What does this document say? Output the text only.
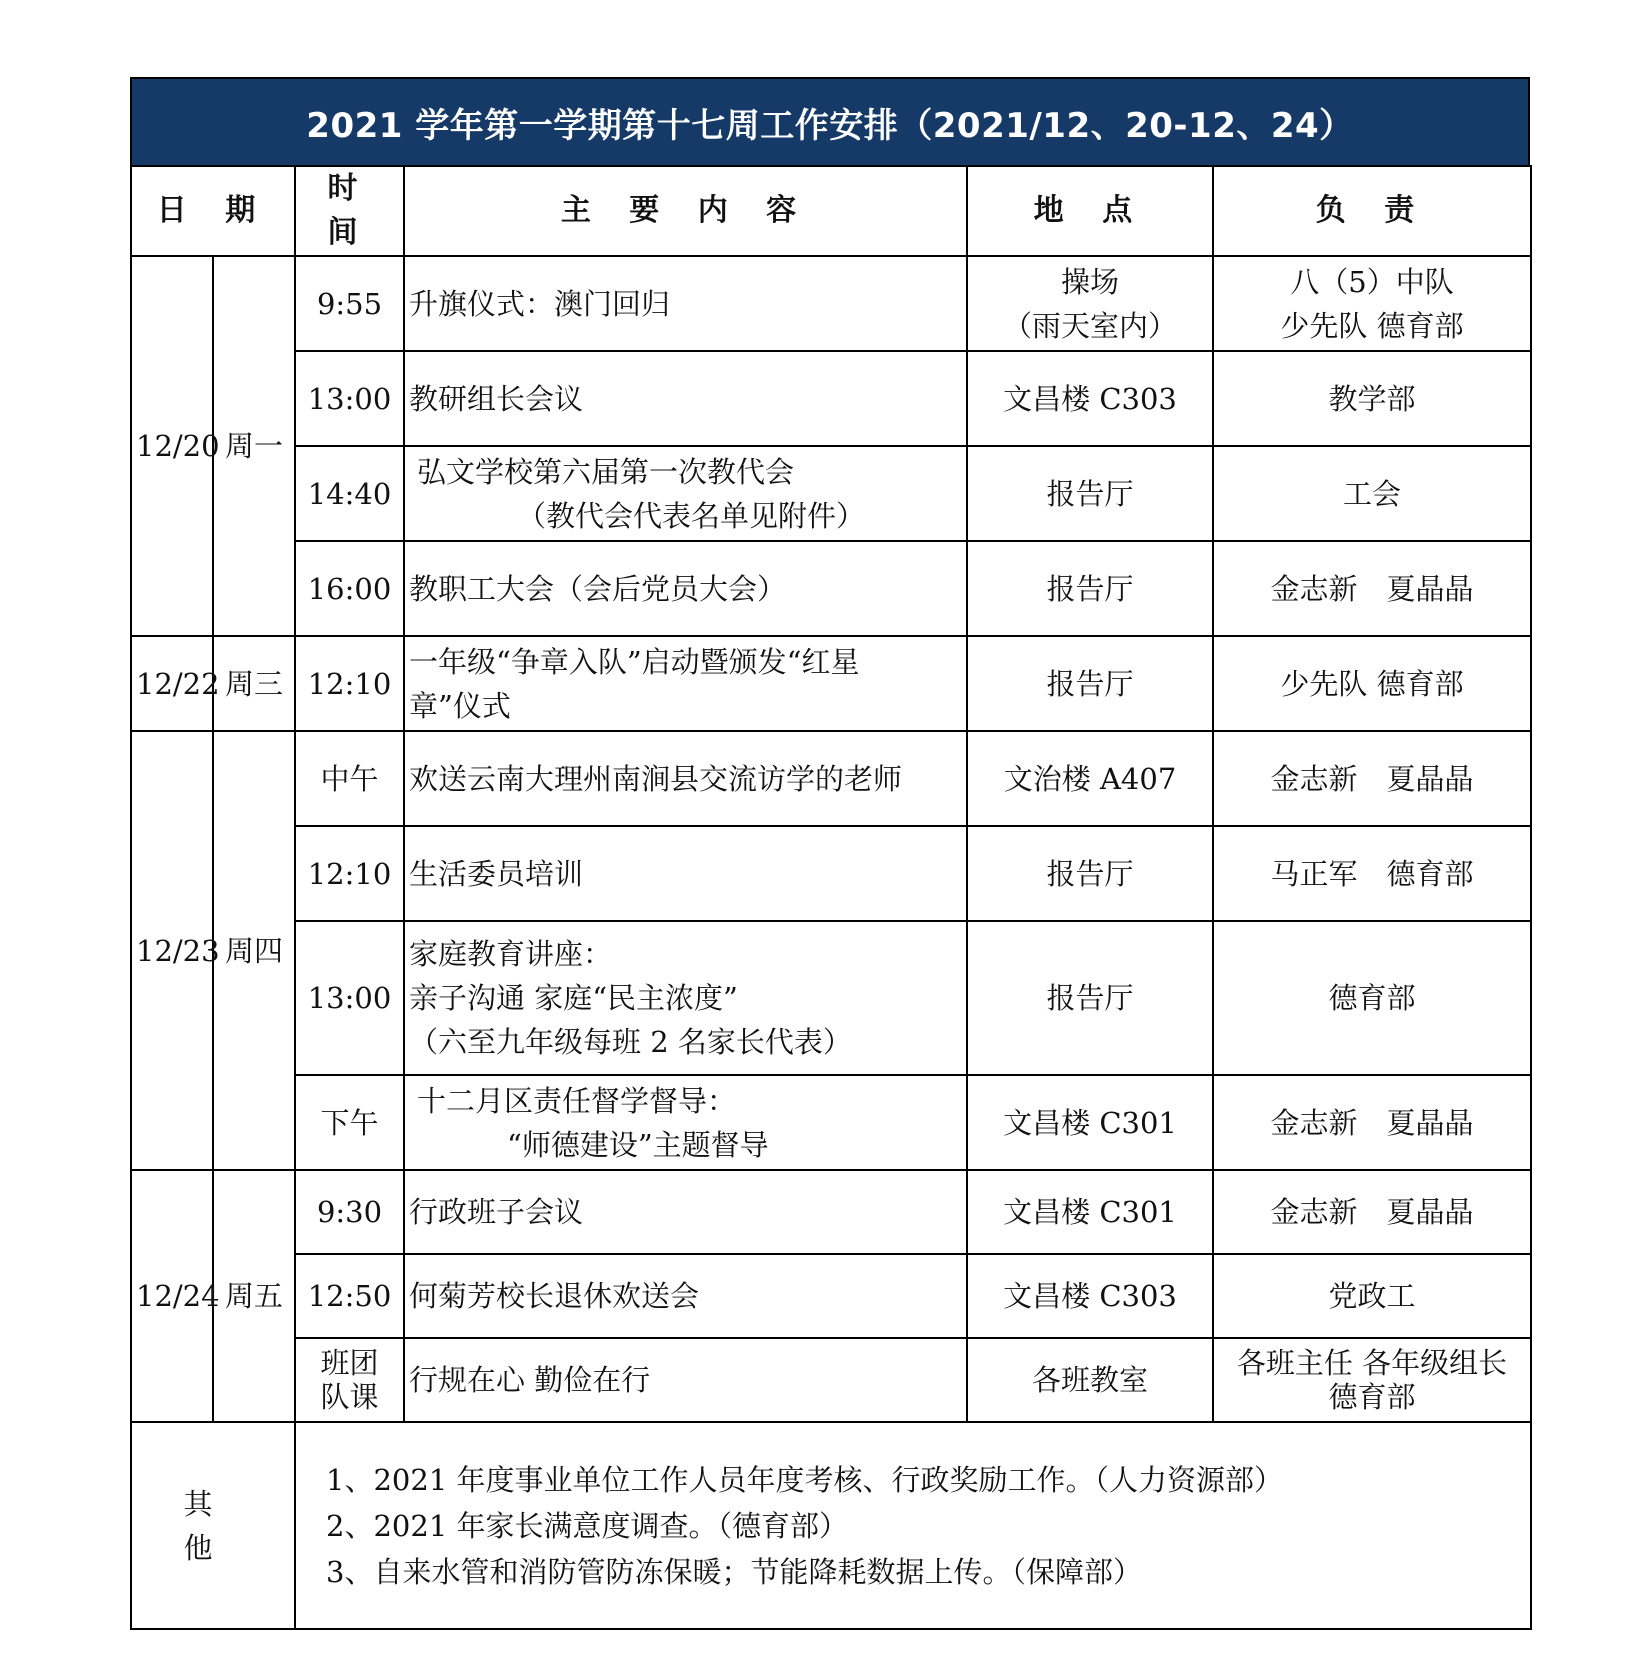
2021 学年第一学期第十七周工作安排（2021/12、20-12、24）
日 期		时 间	主 要 内 容	地 点	负 责
12/20	周一	9:55	升旗仪式：澳门回归	操场
（雨天室内）	八（5）中队
少先队 德育部

		13:00	教研组长会议	文昌楼 C303	教学部

		14:40	弘文学校第六届第一次教代会
（教代会代表名单见附件）	报告厅	工会

		16:00	教职工大会（会后党员大会）	报告厅	金志新　夏晶晶

12/22	周三	12:10	一年级“争章入队”启动暨颁发“红星
章”仪式	报告厅	少先队 德育部

12/23	周四	中午	欢送云南大理州南涧县交流访学的老师	文治楼 A407	金志新　夏晶晶

		12:10	生活委员培训	报告厅	马正军　德育部

		13:00	家庭教育讲座：
亲子沟通 家庭“民主浓度”
（六至九年级每班 2 名家长代表）	报告厅	德育部

		下午	十二月区责任督学督导：
“师德建设”主题督导	文昌楼 C301	金志新　夏晶晶

12/24	周五	9:30	行政班子会议	文昌楼 C301	金志新　夏晶晶

		12:50	何菊芳校长退休欢送会	文昌楼 C303	党政工

		班团
队课	行规在心 勤俭在行	各班教室	各班主任 各年级组长
德育部

其 他		1、2021 年度事业单位工作人员年度考核、行政奖励工作。（人力资源部）
2、2021 年家长满意度调查。（德育部）
3、自来水管和消防管防冻保暖；节能降耗数据上传。（保障部）			
